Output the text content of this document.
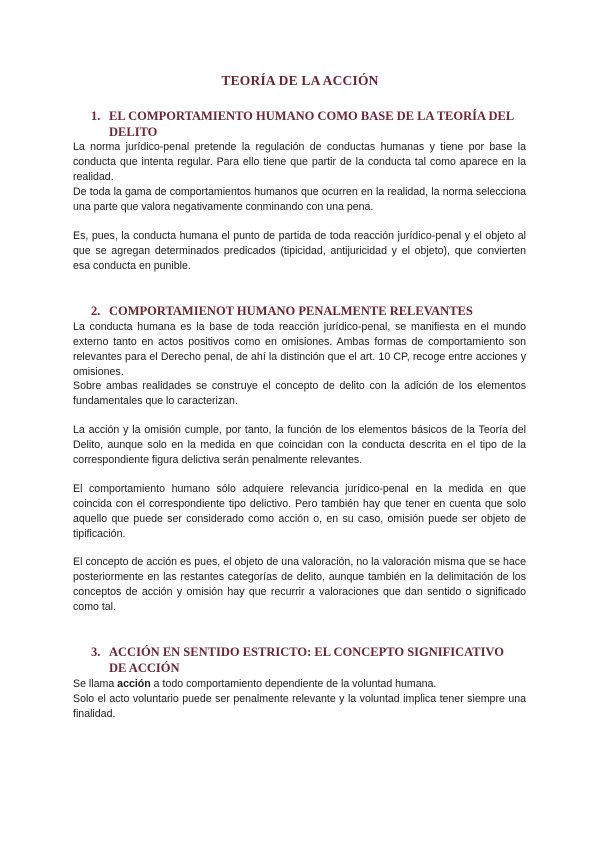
TEORÍA DE LA ACCIÓN
1. EL COMPORTAMIENTO HUMANO COMO BASE DE LA TEORÍA DEL DELITO

La norma jurídico-penal pretende la regulación de conductas humanas y tiene por base la conducta que intenta regular. Para ello tiene que partir de la conducta tal como aparece en la realidad.

De toda la gama de comportamientos humanos que ocurren en la realidad, la norma selecciona una parte que valora negativamente conminando con una pena.

Es, pues, la conducta humana el punto de partida de toda reacción jurídico-penal y el objeto al que se agregan determinados predicados (tipicidad, antijuricidad y el objeto), que convierten esa conducta en punible.

2. COMPORTAMIENOT HUMANO PENALMENTE RELEVANTES

La conducta humana es la base de toda reacción jurídico-penal, se manifiesta en el mundo externo tanto en actos positivos como en omisiones. Ambas formas de comportamiento son relevantes para el Derecho penal, de ahí la distinción que el art. 10 CP, recoge entre acciones y omisiones.

Sobre ambas realidades se construye el concepto de delito con la adición de los elementos fundamentales que lo caracterizan.

La acción y la omisión cumple, por tanto, la función de los elementos básicos de la Teoría del Delito, aunque solo en la medida en que coincidan con la conducta descrita en el tipo de la correspondiente figura delictiva serán penalmente relevantes.

El comportamiento humano sólo adquiere relevancia jurídico-penal en la medida en que coincida con el correspondiente tipo delictivo. Pero también hay que tener en cuenta que solo aquello que puede ser considerado como acción o, en su caso, omisión puede ser objeto de tipificación.

El concepto de acción es pues, el objeto de una valoración, no la valoración misma que se hace posteriormente en las restantes categorías de delito, aunque también en la delimitación de los conceptos de acción y omisión hay que recurrir a valoraciones que dan sentido o significado como tal.

3. ACCIÓN EN SENTIDO ESTRICTO: EL CONCEPTO SIGNIFICATIVO DE ACCIÓN

Se llama acción a todo comportamiento dependiente de la voluntad humana.

Solo el acto voluntario puede ser penalmente relevante y la voluntad implica tener siempre una finalidad.
